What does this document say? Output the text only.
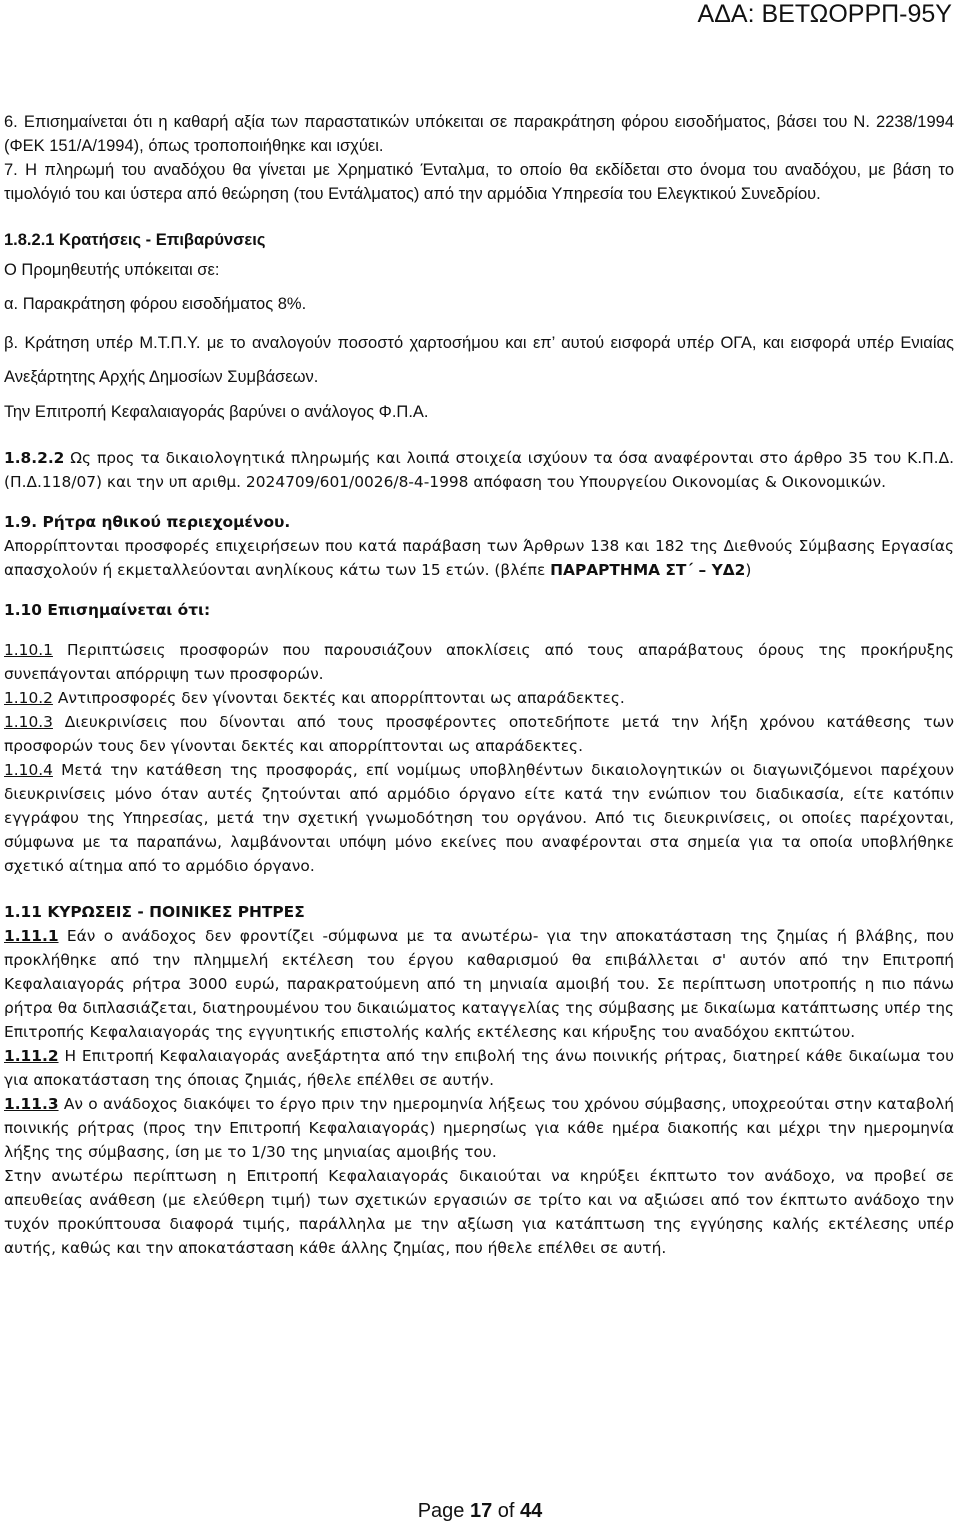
ΑΔΑ: ΒΕΤΩΟΡΡΠ-95Υ

6. Επισημαίνεται ότι η καθαρή αξία των παραστατικών υπόκειται σε παρακράτηση φόρου εισοδήματος, βάσει του Ν. 2238/1994 (ΦΕΚ 151/Α/1994), όπως τροποποιήθηκε και ισχύει.

7. Η πληρωμή του αναδόχου θα γίνεται με Χρηματικό Ένταλμα, το οποίο θα εκδίδεται στο όνομα του αναδόχου, με βάση το τιμολόγιό του και ύστερα από θεώρηση (του Εντάλματος) από την αρμόδια Υπηρεσία του Ελεγκτικού Συνεδρίου.

1.8.2.1 Κρατήσεις - Επιβαρύνσεις

Ο Προμηθευτής υπόκειται σε:

α. Παρακράτηση φόρου εισοδήματος 8%.

β. Κράτηση υπέρ Μ.Τ.Π.Υ. με το αναλογούν ποσοστό χαρτοσήμου και επ’ αυτού εισφορά υπέρ ΟΓΑ, και εισφορά υπέρ Ενιαίας Ανεξάρτητης Αρχής Δημοσίων Συμβάσεων.

Την Επιτροπή Κεφαλαιαγοράς βαρύνει ο ανάλογος Φ.Π.Α.

1.8.2.2 Ως προς τα δικαιολογητικά πληρωμής και λοιπά στοιχεία ισχύουν τα όσα αναφέρονται στο άρθρο 35 του Κ.Π.Δ. (Π.Δ.118/07) και την υπ αριθμ. 2024709/601/0026/8-4-1998 απόφαση του Υπουργείου Οικονομίας & Οικονομικών.

1.9. Ρήτρα ηθικού περιεχομένου.

Απορρίπτονται προσφορές επιχειρήσεων που κατά παράβαση των Άρθρων 138 και 182 της Διεθνούς Σύμβασης Εργασίας απασχολούν ή εκμεταλλεύονται ανηλίκους κάτω των 15 ετών. (βλέπε ΠΑΡΑΡΤΗΜΑ ΣΤ΄ – ΥΔ2)

1.10 Επισημαίνεται ότι:

1.10.1 Περιπτώσεις προσφορών που παρουσιάζουν αποκλίσεις από τους απαράβατους όρους της προκήρυξης συνεπάγονται απόρριψη των προσφορών.

1.10.2 Αντιπροσφορές δεν γίνονται δεκτές και απορρίπτονται ως απαράδεκτες.

1.10.3 Διευκρινίσεις που δίνονται από τους προσφέροντες οποτεδήποτε μετά την λήξη χρόνου κατάθεσης των προσφορών τους δεν γίνονται δεκτές και απορρίπτονται ως απαράδεκτες.

1.10.4 Μετά την κατάθεση της προσφοράς, επί νομίμως υποβληθέντων δικαιολογητικών οι διαγωνιζόμενοι παρέχουν διευκρινίσεις μόνο όταν αυτές ζητούνται από αρμόδιο όργανο είτε κατά την ενώπιον του διαδικασία, είτε κατόπιν εγγράφου της Υπηρεσίας, μετά την σχετική γνωμοδότηση του οργάνου. Από τις διευκρινίσεις, οι οποίες παρέχονται, σύμφωνα με τα παραπάνω, λαμβάνονται υπόψη μόνο εκείνες που αναφέρονται στα σημεία για τα οποία υποβλήθηκε σχετικό αίτημα από το αρμόδιο όργανο.

1.11 ΚΥΡΩΣΕΙΣ - ΠΟΙΝΙΚΕΣ ΡΗΤΡΕΣ

1.11.1 Εάν ο ανάδοχος δεν φροντίζει -σύμφωνα με τα ανωτέρω- για την αποκατάσταση της ζημίας ή βλάβης, που προκλήθηκε από την πλημμελή εκτέλεση του έργου καθαρισμού θα επιβάλλεται σ' αυτόν από την Επιτροπή Κεφαλαιαγοράς ρήτρα 3000 ευρώ, παρακρατούμενη από τη μηνιαία αμοιβή του. Σε περίπτωση υποτροπής η πιο πάνω ρήτρα θα διπλασιάζεται, διατηρουμένου του δικαιώματος καταγγελίας της σύμβασης με δικαίωμα κατάπτωσης υπέρ της Επιτροπής Κεφαλαιαγοράς της εγγυητικής επιστολής καλής εκτέλεσης και κήρυξης του αναδόχου εκπτώτου.

1.11.2 Η Επιτροπή Κεφαλαιαγοράς ανεξάρτητα από την επιβολή της άνω ποινικής ρήτρας, διατηρεί κάθε δικαίωμα του για αποκατάσταση της όποιας ζημιάς, ήθελε επέλθει σε αυτήν.

1.11.3 Αν ο ανάδοχος διακόψει το έργο πριν την ημερομηνία λήξεως του χρόνου σύμβασης, υποχρεούται στην καταβολή ποινικής ρήτρας (προς την Επιτροπή Κεφαλαιαγοράς) ημερησίως για κάθε ημέρα διακοπής και μέχρι την ημερομηνία λήξης της σύμβασης, ίση με το 1/30 της μηνιαίας αμοιβής του.

Στην ανωτέρω περίπτωση η Επιτροπή Κεφαλαιαγοράς δικαιούται να κηρύξει έκπτωτο τον ανάδοχο, να προβεί σε απευθείας ανάθεση (με ελεύθερη τιμή) των σχετικών εργασιών σε τρίτο και να αξιώσει από τον έκπτωτο ανάδοχο την τυχόν προκύπτουσα διαφορά τιμής, παράλληλα με την αξίωση για κατάπτωση της εγγύησης καλής εκτέλεσης υπέρ αυτής, καθώς και την αποκατάσταση κάθε άλλης ζημίας, που ήθελε επέλθει σε αυτή.

Page 17 of 44
